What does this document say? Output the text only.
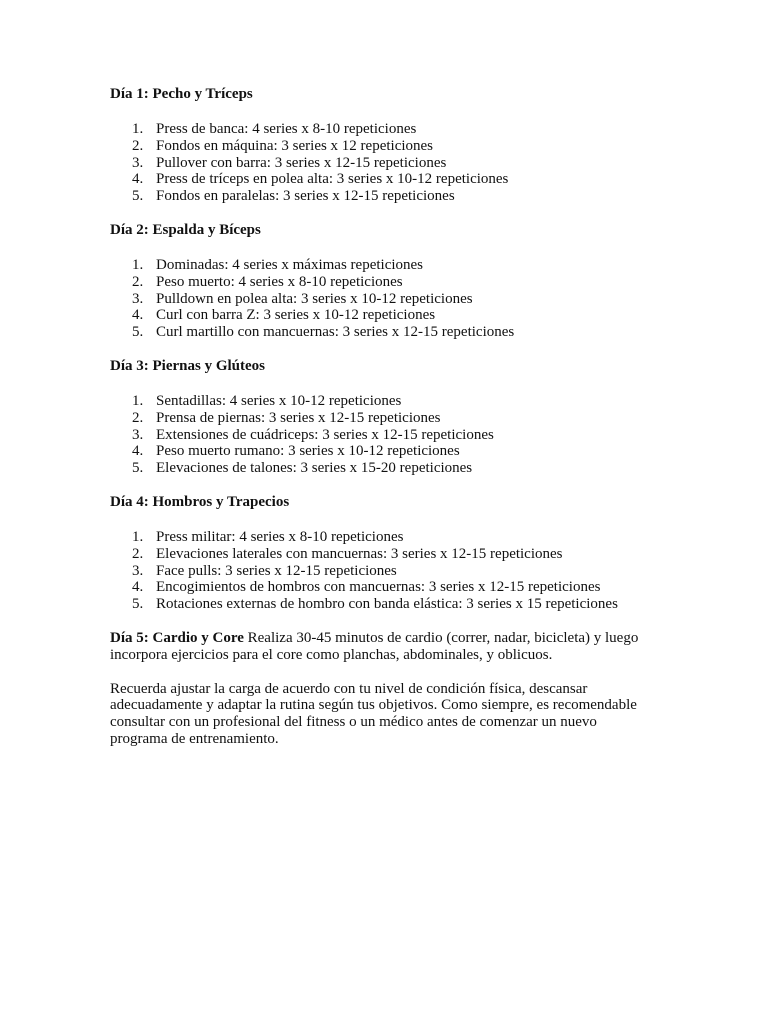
Día 1: Pecho y Tríceps

1. Press de banca: 4 series x 8-10 repeticiones
2. Fondos en máquina: 3 series x 12 repeticiones
3. Pullover con barra: 3 series x 12-15 repeticiones
4. Press de tríceps en polea alta: 3 series x 10-12 repeticiones
5. Fondos en paralelas: 3 series x 12-15 repeticiones

Día 2: Espalda y Bíceps

1. Dominadas: 4 series x máximas repeticiones
2. Peso muerto: 4 series x 8-10 repeticiones
3. Pulldown en polea alta: 3 series x 10-12 repeticiones
4. Curl con barra Z: 3 series x 10-12 repeticiones
5. Curl martillo con mancuernas: 3 series x 12-15 repeticiones

Día 3: Piernas y Glúteos

1. Sentadillas: 4 series x 10-12 repeticiones
2. Prensa de piernas: 3 series x 12-15 repeticiones
3. Extensiones de cuádriceps: 3 series x 12-15 repeticiones
4. Peso muerto rumano: 3 series x 10-12 repeticiones
5. Elevaciones de talones: 3 series x 15-20 repeticiones

Día 4: Hombros y Trapecios

1. Press militar: 4 series x 8-10 repeticiones
2. Elevaciones laterales con mancuernas: 3 series x 12-15 repeticiones
3. Face pulls: 3 series x 12-15 repeticiones
4. Encogimientos de hombros con mancuernas: 3 series x 12-15 repeticiones
5. Rotaciones externas de hombro con banda elástica: 3 series x 15 repeticiones

Día 5: Cardio y Core Realiza 30-45 minutos de cardio (correr, nadar, bicicleta) y luego
incorpora ejercicios para el core como planchas, abdominales, y oblicuos.

Recuerda ajustar la carga de acuerdo con tu nivel de condición física, descansar
adecuadamente y adaptar la rutina según tus objetivos. Como siempre, es recomendable
consultar con un profesional del fitness o un médico antes de comenzar un nuevo
programa de entrenamiento.
